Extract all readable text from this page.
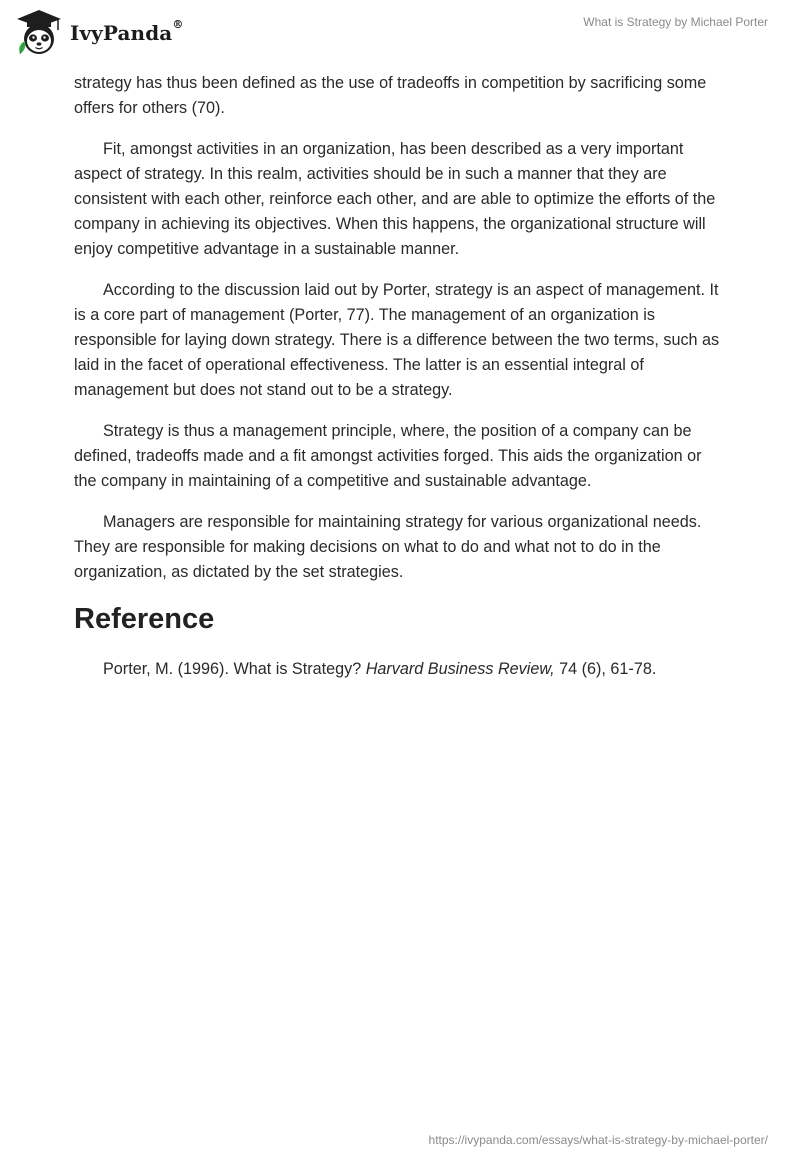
IvyPanda®	What is Strategy by Michael Porter

strategy has thus been defined as the use of tradeoffs in competition by sacrificing some offers for others (70).

Fit, amongst activities in an organization, has been described as a very important aspect of strategy. In this realm, activities should be in such a manner that they are consistent with each other, reinforce each other, and are able to optimize the efforts of the company in achieving its objectives. When this happens, the organizational structure will enjoy competitive advantage in a sustainable manner.

According to the discussion laid out by Porter, strategy is an aspect of management. It is a core part of management (Porter, 77). The management of an organization is responsible for laying down strategy. There is a difference between the two terms, such as laid in the facet of operational effectiveness. The latter is an essential integral of management but does not stand out to be a strategy.

Strategy is thus a management principle, where, the position of a company can be defined, tradeoffs made and a fit amongst activities forged. This aids the organization or the company in maintaining of a competitive and sustainable advantage.

Managers are responsible for maintaining strategy for various organizational needs. They are responsible for making decisions on what to do and what not to do in the organization, as dictated by the set strategies.

Reference

Porter, M. (1996). What is Strategy? Harvard Business Review, 74 (6), 61-78.

https://ivypanda.com/essays/what-is-strategy-by-michael-porter/
